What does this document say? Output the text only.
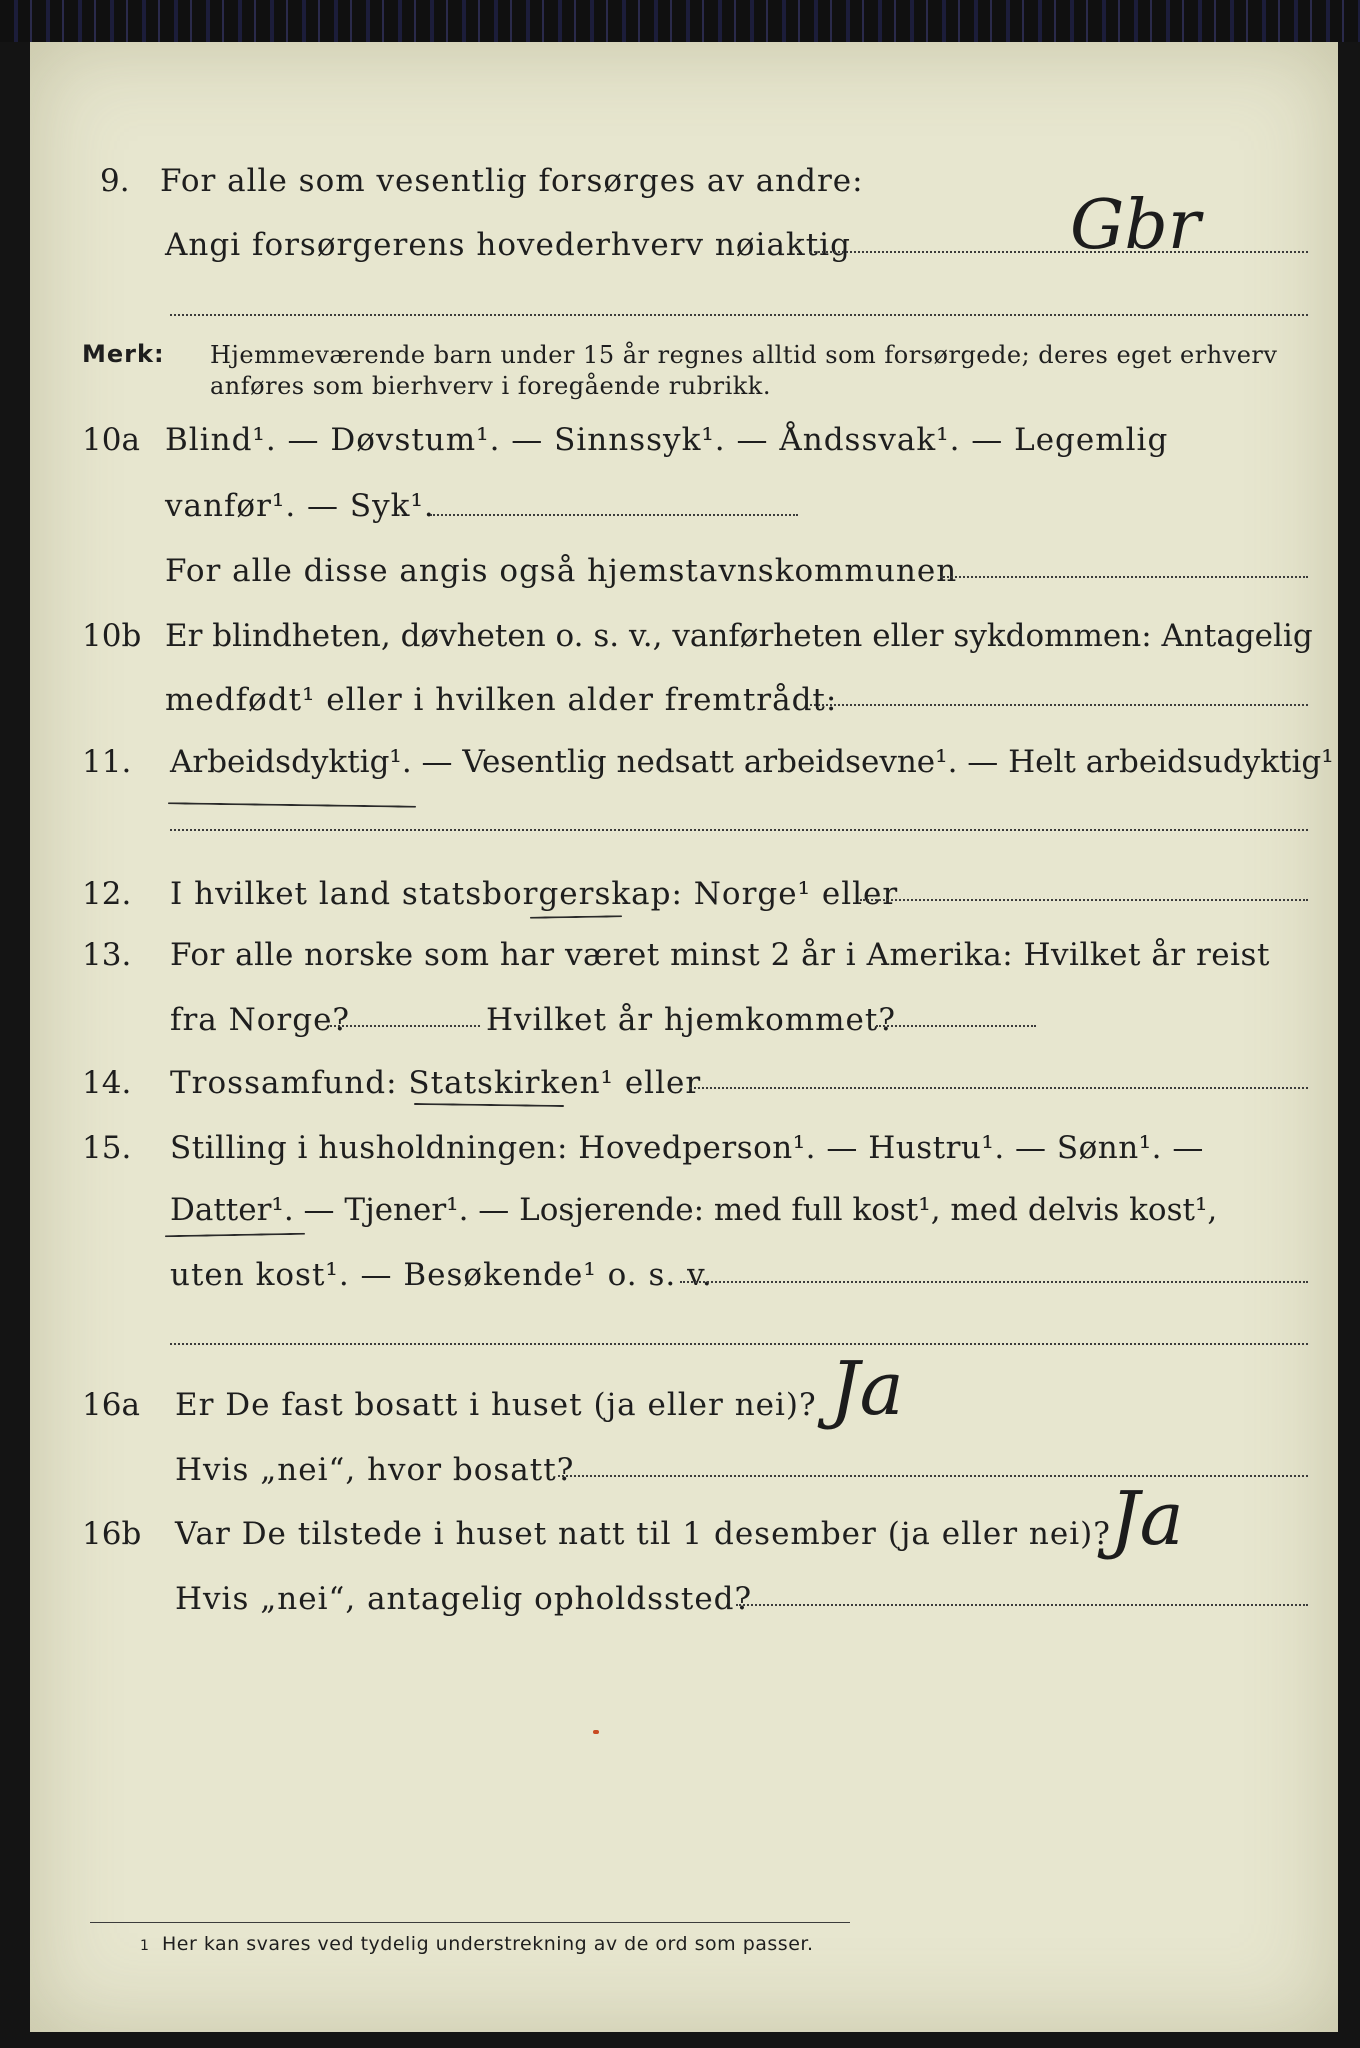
9. For alle som vesentlig forsørges av andre:
Angi forsørgerens hovederhverv nøiaktig	Gbr
Merk: Hjemmeværende barn under 15 år regnes alltid som forsørgede; deres eget erhverv
anføres som bierhverv i foregående rubrikk.
10a Blind¹. — Døvstum¹. — Sinnssyk¹. — Åndssvak¹. — Legemlig
vanfør¹. — Syk¹.
For alle disse angis også hjemstavnskommunen
10b Er blindheten, døvheten o. s. v., vanførheten eller sykdommen: Antagelig
medfødt¹ eller i hvilken alder fremtrådt:
11. Arbeidsdyktig¹. — Vesentlig nedsatt arbeidsevne¹. — Helt arbeidsudyktig¹
12. I hvilket land statsborgerskap: Norge¹ eller
13. For alle norske som har været minst 2 år i Amerika: Hvilket år reist
fra Norge?	Hvilket år hjemkommet?
14. Trossamfund: Statskirken¹ eller
15. Stilling i husholdningen: Hovedperson¹. — Hustru¹. — Sønn¹. —
Datter¹. — Tjener¹. — Losjerende: med full kost¹, med delvis kost¹,
uten kost¹. — Besøkende¹ o. s. v.
16a Er De fast bosatt i huset (ja eller nei)? Ja
Hvis „nei“, hvor bosatt?
16b Var De tilstede i huset natt til 1 desember (ja eller nei)? Ja
Hvis „nei“, antagelig opholdssted?
1 Her kan svares ved tydelig understrekning av de ord som passer.
